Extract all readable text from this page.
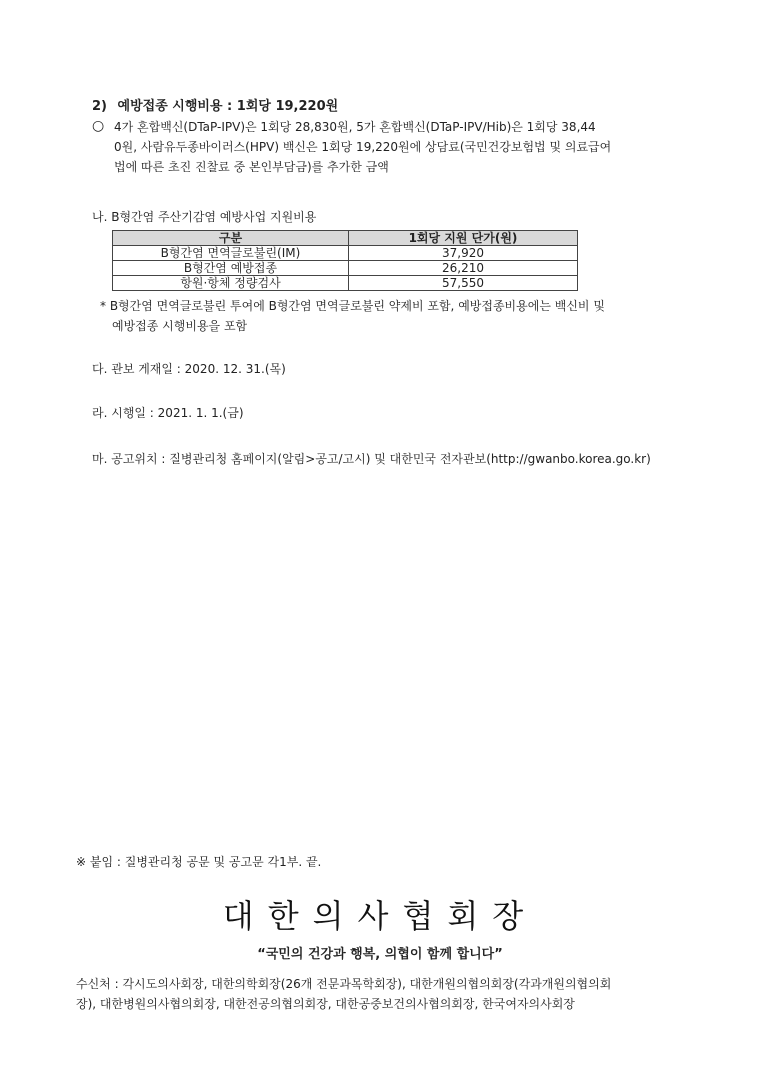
2) 예방접종 시행비용 : 1회당 19,220원
○ 4가 혼합백신(DTaP-IPV)은 1회당 28,830원, 5가 혼합백신(DTaP-IPV/Hib)은 1회당 38,44
0원, 사람유두종바이러스(HPV) 백신은 1회당 19,220원에 상담료(국민건강보험법 및 의료급여
법에 따른 초진 진찰료 중 본인부담금)를 추가한 금액
나. B형간염 주산기감염 예방사업 지원비용
구분	1회당 지원 단가(원)
B형간염 면역글로불린(IM)	37,920
B형간염 예방접종	26,210
항원·항체 정량검사	57,550
* B형간염 면역글로불린 투여에 B형간염 면역글로불린 약제비 포함, 예방접종비용에는 백신비 및
예방접종 시행비용을 포함
다. 관보 게재일 : 2020. 12. 31.(목)
라. 시행일 : 2021. 1. 1.(금)
마. 공고위치 : 질병관리청 홈페이지(알림>공고/고시) 및 대한민국 전자관보(http://gwanbo.korea.go.kr)
※ 붙임 : 질병관리청 공문 및 공고문 각1부. 끝.
대한의사협회장
“국민의 건강과 행복, 의협이 함께 합니다”
수신처 : 각시도의사회장, 대한의학회장(26개 전문과목학회장), 대한개원의협의회장(각과개원의협의회
장), 대한병원의사협의회장, 대한전공의협의회장, 대한공중보건의사협의회장, 한국여자의사회장
